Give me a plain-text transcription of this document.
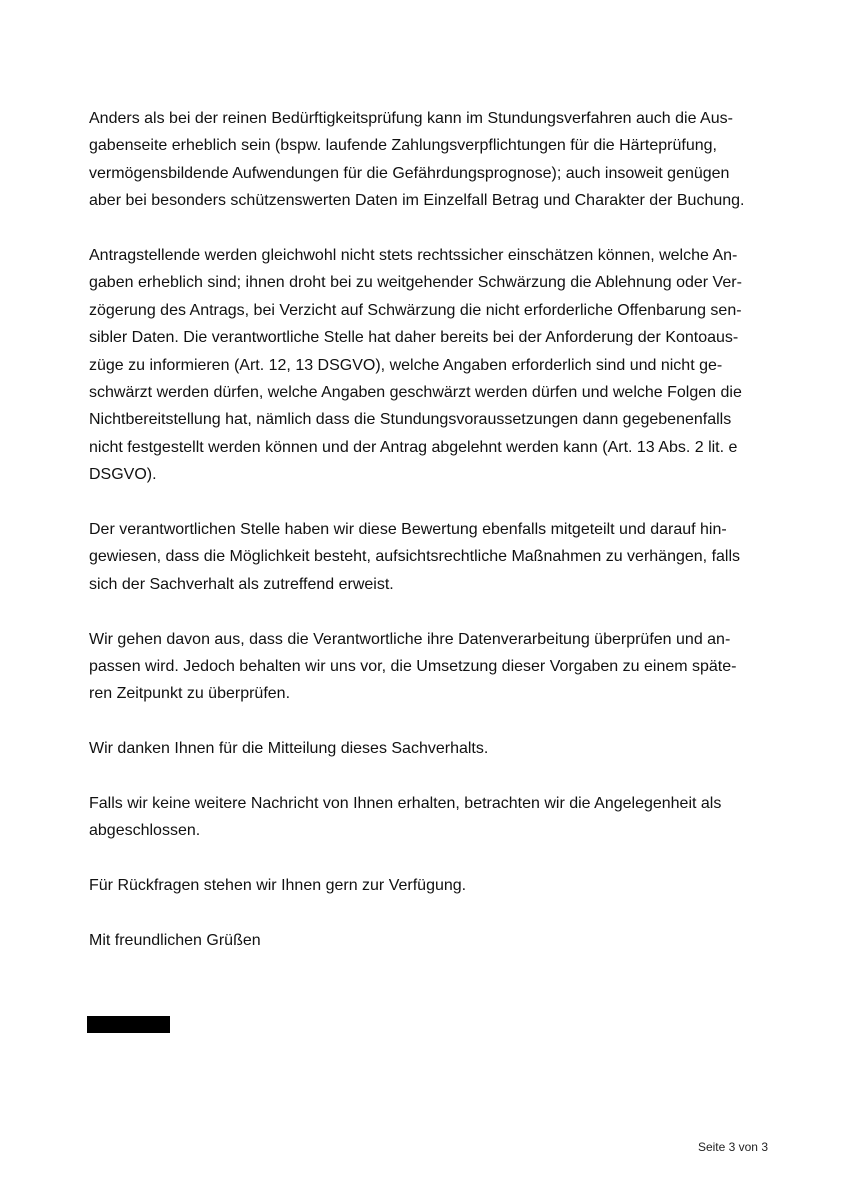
Anders als bei der reinen Bedürftigkeitsprüfung kann im Stundungsverfahren auch die Aus-
gabenseite erheblich sein (bspw. laufende Zahlungsverpflichtungen für die Härteprüfung,
vermögensbildende Aufwendungen für die Gefährdungsprognose); auch insoweit genügen
aber bei besonders schützenswerten Daten im Einzelfall Betrag und Charakter der Buchung.

Antragstellende werden gleichwohl nicht stets rechtssicher einschätzen können, welche An-
gaben erheblich sind; ihnen droht bei zu weitgehender Schwärzung die Ablehnung oder Ver-
zögerung des Antrags, bei Verzicht auf Schwärzung die nicht erforderliche Offenbarung sen-
sibler Daten. Die verantwortliche Stelle hat daher bereits bei der Anforderung der Kontoaus-
züge zu informieren (Art. 12, 13 DSGVO), welche Angaben erforderlich sind und nicht ge-
schwärzt werden dürfen, welche Angaben geschwärzt werden dürfen und welche Folgen die
Nichtbereitstellung hat, nämlich dass die Stundungsvoraussetzungen dann gegebenenfalls
nicht festgestellt werden können und der Antrag abgelehnt werden kann (Art. 13 Abs. 2 lit. e
DSGVO).

Der verantwortlichen Stelle haben wir diese Bewertung ebenfalls mitgeteilt und darauf hin-
gewiesen, dass die Möglichkeit besteht, aufsichtsrechtliche Maßnahmen zu verhängen, falls
sich der Sachverhalt als zutreffend erweist.

Wir gehen davon aus, dass die Verantwortliche ihre Datenverarbeitung überprüfen und an-
passen wird. Jedoch behalten wir uns vor, die Umsetzung dieser Vorgaben zu einem späte-
ren Zeitpunkt zu überprüfen.

Wir danken Ihnen für die Mitteilung dieses Sachverhalts.

Falls wir keine weitere Nachricht von Ihnen erhalten, betrachten wir die Angelegenheit als
abgeschlossen.

Für Rückfragen stehen wir Ihnen gern zur Verfügung.

Mit freundlichen Grüßen

Seite 3 von 3
